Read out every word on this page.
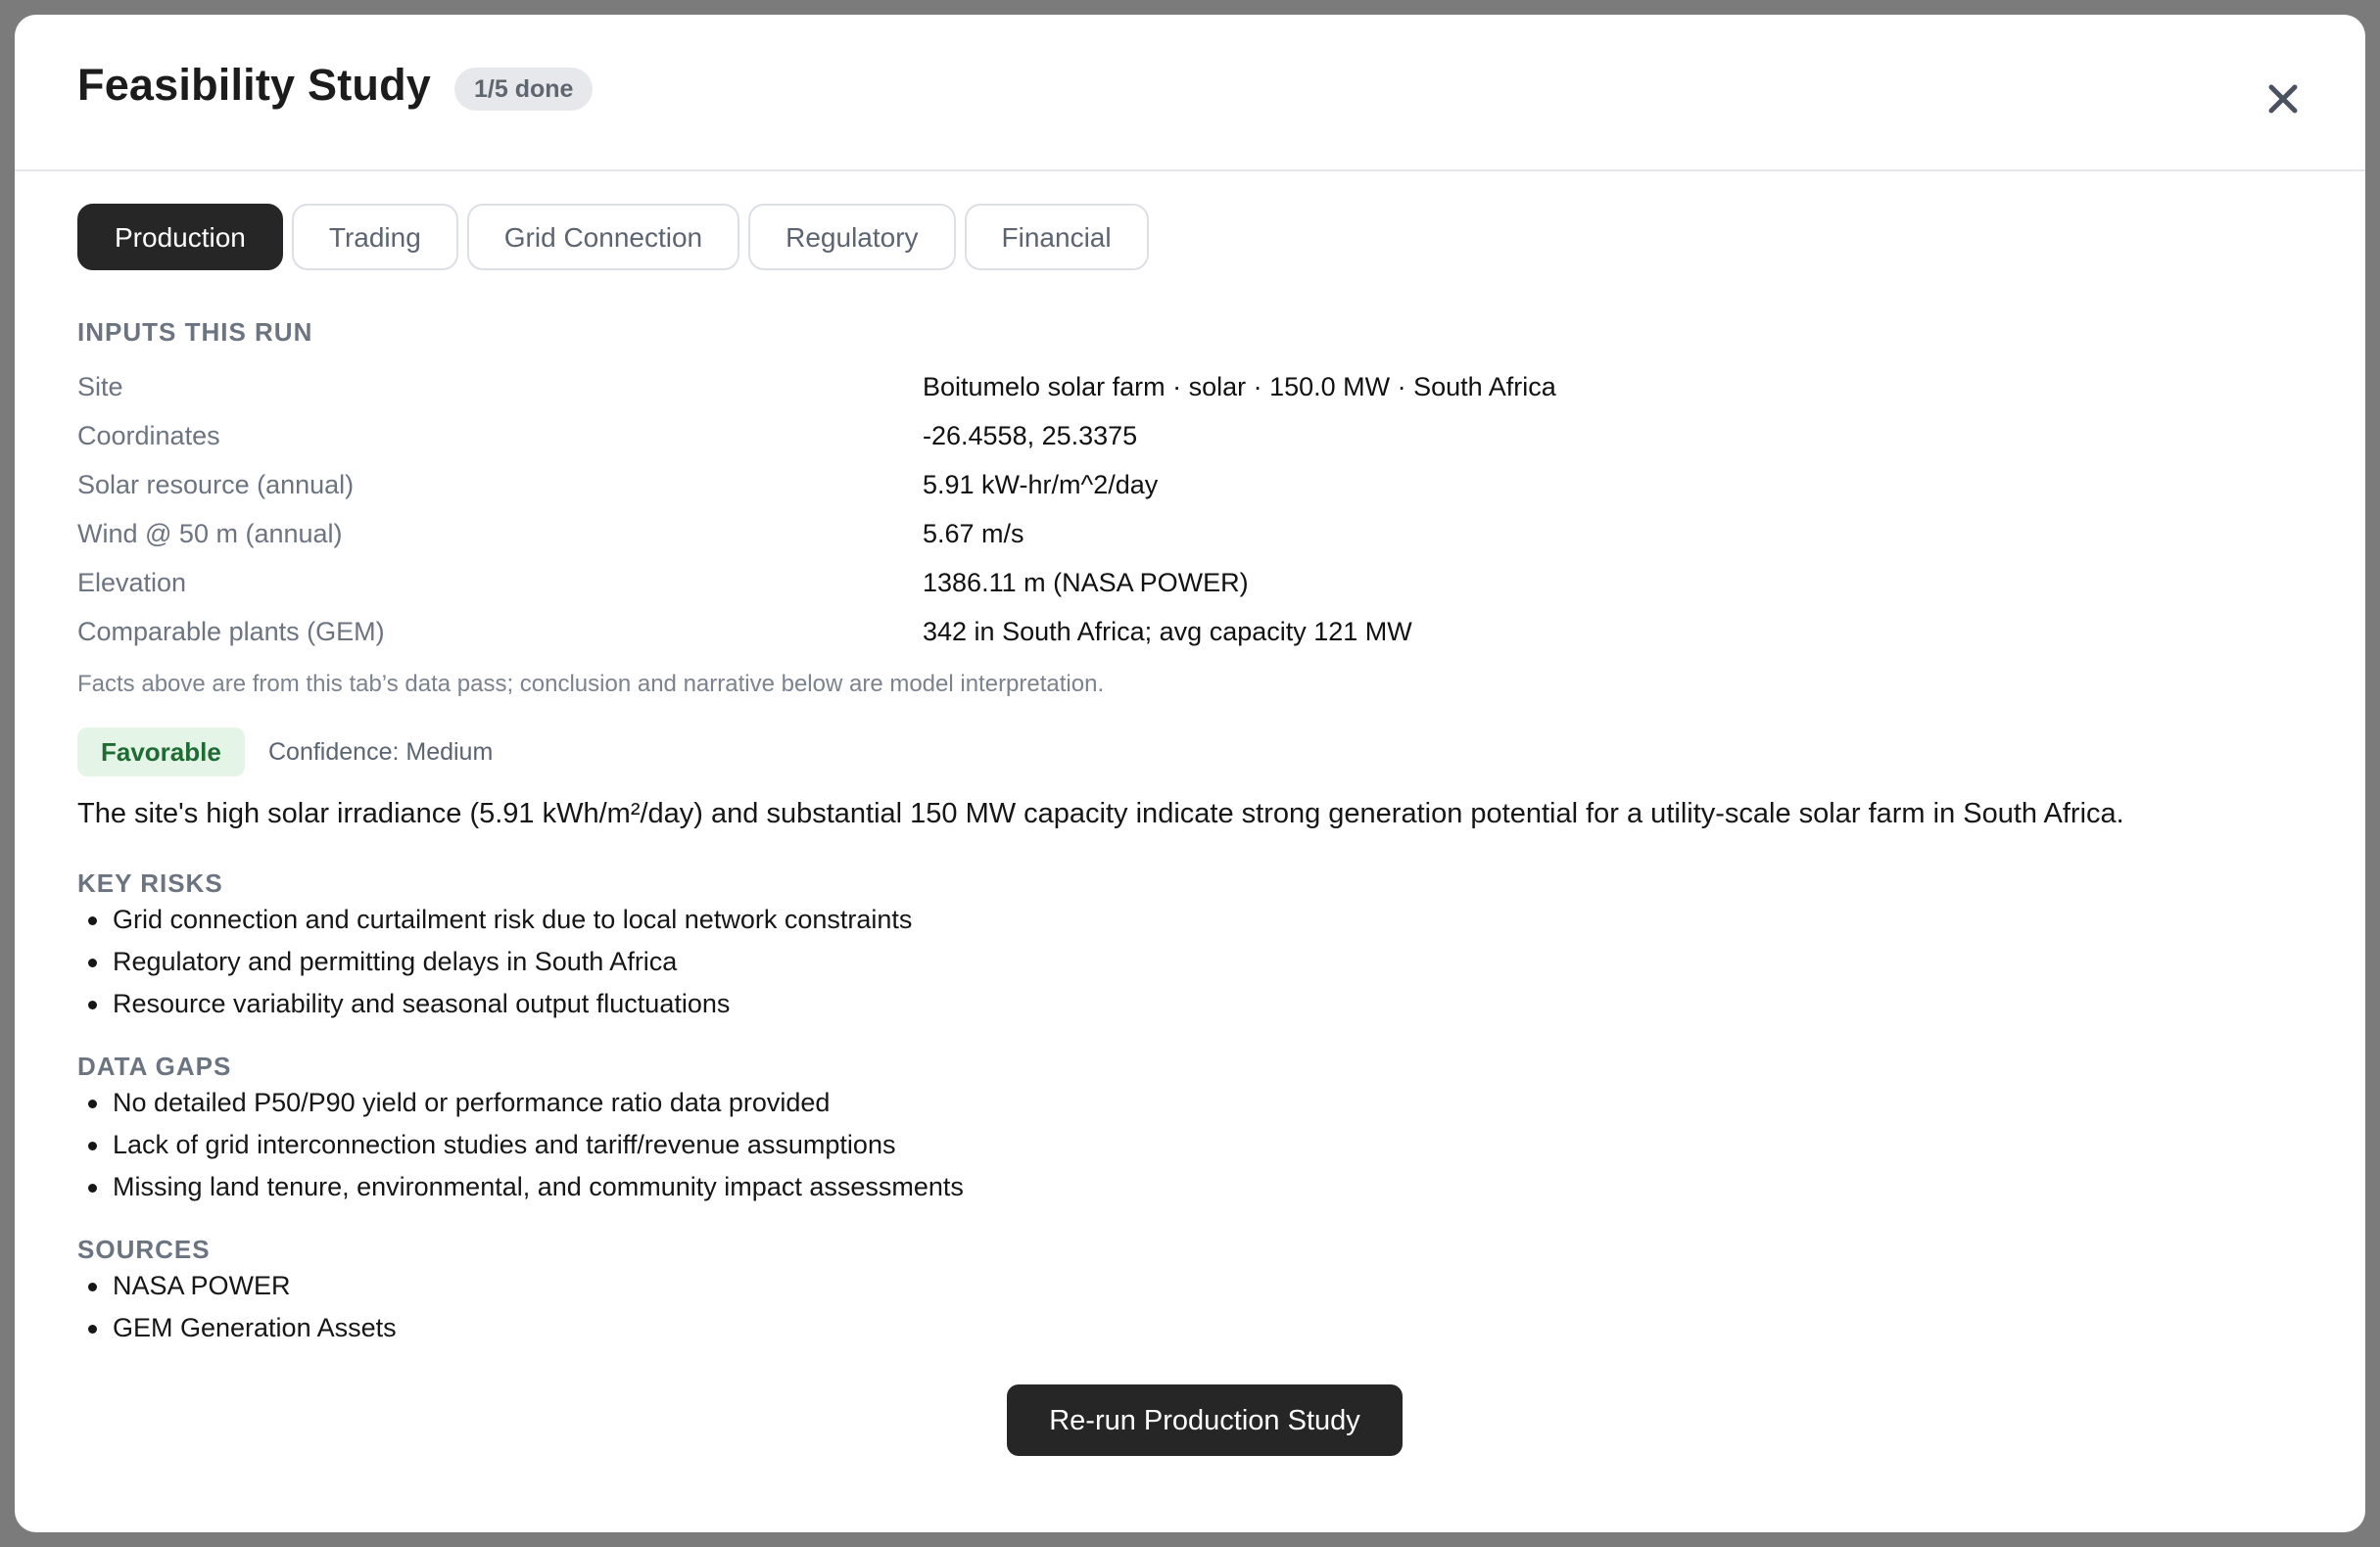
Feasibility Study	1/5 done
Production	Trading	Grid Connection	Regulatory	Financial
INPUTS THIS RUN
Site	Boitumelo solar farm · solar · 150.0 MW · South Africa
Coordinates	-26.4558, 25.3375
Solar resource (annual)	5.91 kW-hr/m^2/day
Wind @ 50 m (annual)	5.67 m/s
Elevation	1386.11 m (NASA POWER)
Comparable plants (GEM)	342 in South Africa; avg capacity 121 MW
Facts above are from this tab’s data pass; conclusion and narrative below are model interpretation.
Favorable	Confidence: Medium
The site's high solar irradiance (5.91 kWh/m²/day) and substantial 150 MW capacity indicate strong generation potential for a utility-scale solar farm in South Africa.
KEY RISKS
Grid connection and curtailment risk due to local network constraints
Regulatory and permitting delays in South Africa
Resource variability and seasonal output fluctuations
DATA GAPS
No detailed P50/P90 yield or performance ratio data provided
Lack of grid interconnection studies and tariff/revenue assumptions
Missing land tenure, environmental, and community impact assessments
SOURCES
NASA POWER
GEM Generation Assets
Re-run Production Study
